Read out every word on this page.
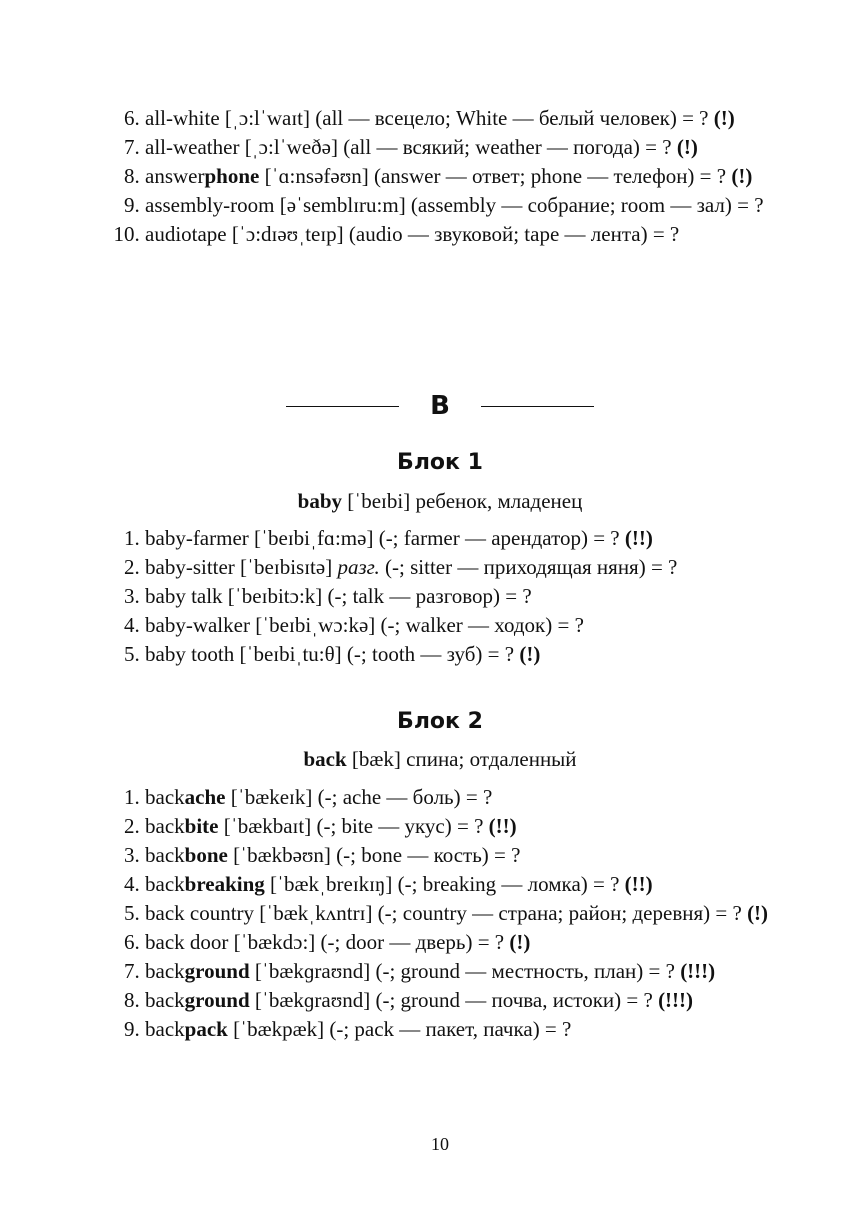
6. all-white [ˌɔ:lˈwaɪt] (all — всецело; White — белый человек) = ? (!)
7. all-weather [ˌɔ:lˈweðə] (all — всякий; weather — погода) = ? (!)
8. answerphone [ˈɑ:nsəfəʊn] (answer — ответ; phone — телефон) = ? (!)
9. assembly-room [əˈsemblɪru:m] (assembly — собрание; room — зал) = ?
10. audiotape [ˈɔ:dɪəʊˌteɪp] (audio — звуковой; tape — лента) = ?
B
Блок 1
baby [ˈbeɪbi] ребенок, младенец
1. baby-farmer [ˈbeɪbiˌfɑ:mə] (-; farmer — арендатор) = ? (!!)
2. baby-sitter [ˈbeɪbisɪtə] разг. (-; sitter — приходящая няня) = ?
3. baby talk [ˈbeɪbitɔ:k] (-; talk — разговор) = ?
4. baby-walker [ˈbeɪbiˌwɔ:kə] (-; walker — ходок) = ?
5. baby tooth [ˈbeɪbiˌtu:θ] (-; tooth — зуб) = ? (!)
Блок 2
back [bæk] спина; отдаленный
1. backache [ˈbækeɪk] (-; ache — боль) = ?
2. backbite [ˈbækbaɪt] (-; bite — укус) = ? (!!)
3. backbone [ˈbækbəʊn] (-; bone — кость) = ?
4. backbreaking [ˈbækˌbreɪkɪŋ] (-; breaking — ломка) = ? (!!)
5. back country [ˈbækˌkʌntrɪ] (-; country — страна; район; деревня) = ? (!)
6. back door [ˈbækdɔ:] (-; door — дверь) = ? (!)
7. background [ˈbækɡraʊnd] (-; ground — местность, план) = ? (!!!)
8. background [ˈbækɡraʊnd] (-; ground — почва, истоки) = ? (!!!)
9. backpack [ˈbækpæk] (-; pack — пакет, пачка) = ?
10
